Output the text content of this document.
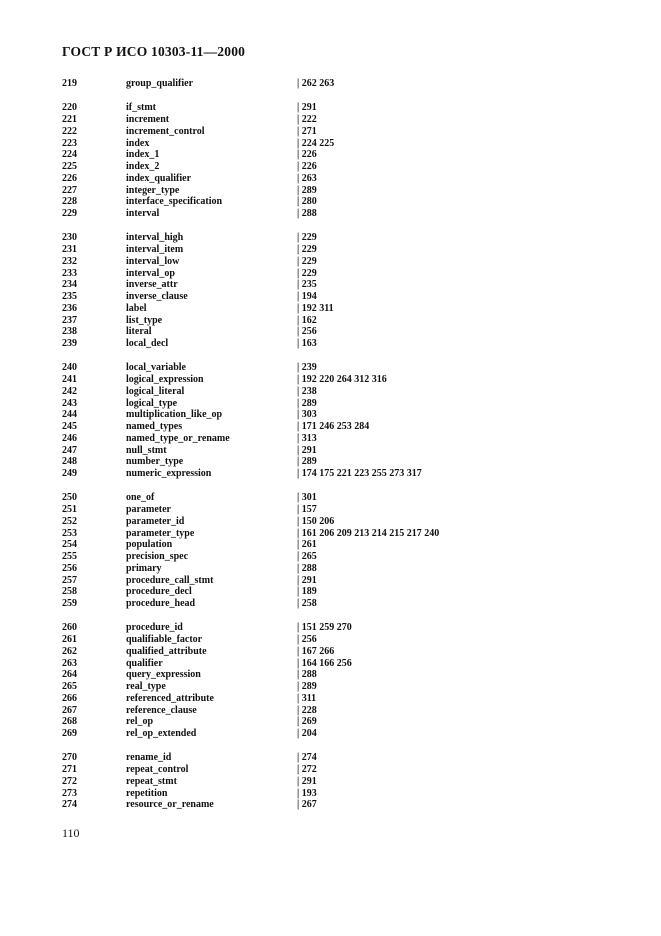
ГОСТ Р ИСО 10303-11—2000
219	group_qualifier	| 262 263
220	if_stmt	| 291
221	increment	| 222
222	increment_control	| 271
223	index	| 224 225
224	index_1	| 226
225	index_2	| 226
226	index_qualifier	| 263
227	integer_type	| 289
228	interface_specification	| 280
229	interval	| 288
230	interval_high	| 229
231	interval_item	| 229
232	interval_low	| 229
233	interval_op	| 229
234	inverse_attr	| 235
235	inverse_clause	| 194
236	label	| 192 311
237	list_type	| 162
238	literal	| 256
239	local_decl	| 163
240	local_variable	| 239
241	logical_expression	| 192 220 264 312 316
242	logical_literal	| 238
243	logical_type	| 289
244	multiplication_like_op	| 303
245	named_types	| 171 246 253 284
246	named_type_or_rename	| 313
247	null_stmt	| 291
248	number_type	| 289
249	numeric_expression	| 174 175 221 223 255 273 317
250	one_of	| 301
251	parameter	| 157
252	parameter_id	| 150 206
253	parameter_type	| 161 206 209 213 214 215 217 240
254	population	| 261
255	precision_spec	| 265
256	primary	| 288
257	procedure_call_stmt	| 291
258	procedure_decl	| 189
259	procedure_head	| 258
260	procedure_id	| 151 259 270
261	qualifiable_factor	| 256
262	qualified_attribute	| 167 266
263	qualifier	| 164 166 256
264	query_expression	| 288
265	real_type	| 289
266	referenced_attribute	| 311
267	reference_clause	| 228
268	rel_op	| 269
269	rel_op_extended	| 204
270	rename_id	| 274
271	repeat_control	| 272
272	repeat_stmt	| 291
273	repetition	| 193
274	resource_or_rename	| 267
110
